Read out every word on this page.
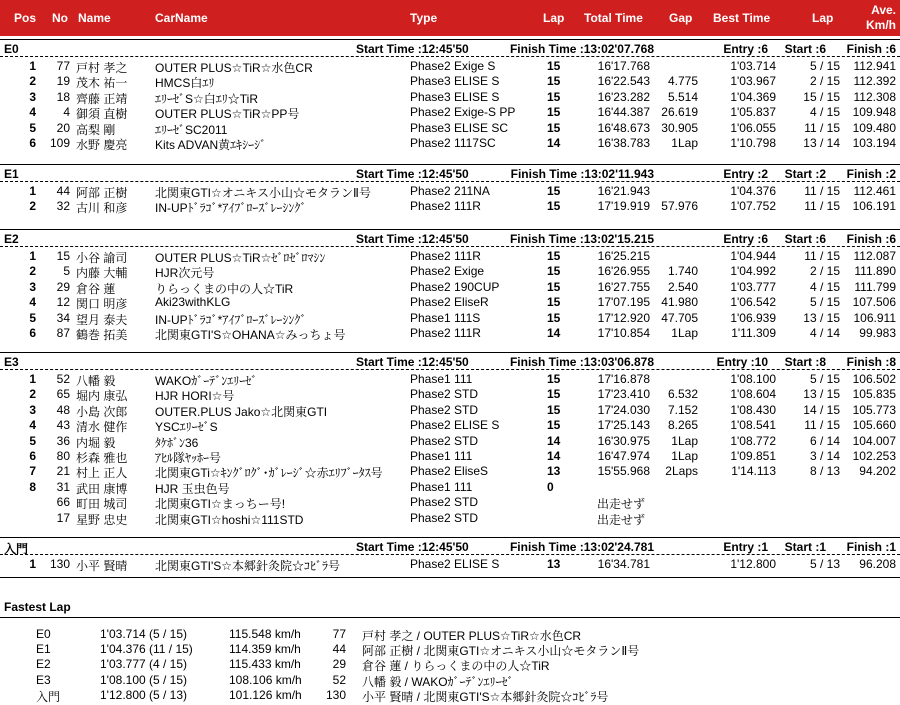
Pos No Name	CarName	Type	Lap Total Time Gap Best Time	Lap
Ave.
Km/h
E0	Start Time :12:45'50	Finish Time :13:02'07.768	Entry :6	Start :6	Finish :6
1	77 戸村 孝之 OUTER PLUS☆TiR☆水色CR	Phase2 Exige S	15	16'17.768	1'03.714	5 / 15	112.941
2	19 茂木 祐一 HMCS白ｴﾘ	Phase3 ELISE S	15	16'22.543	4.775	1'03.967	2 / 15	112.392
3	18 齊藤 正靖 ｴﾘｰｾﾞS☆白ｴﾘ☆TiR	Phase3 ELISE S	15	16'23.282	5.514	1'04.369	15 / 15	112.308
4	4 御須 直樹 OUTER PLUS☆TiR☆PP号	Phase2 Exige-S PP	15	16'44.387 26.619	1'05.837	4 / 15	109.948
5	20 高梨 剛	ｴﾘｰｾﾞSC2011	Phase3 ELISE SC	15	16'48.673 30.905	1'06.055	11 / 15	109.480
6	109 水野 慶亮 Kits ADVAN黄ｴｷｼｰｼﾞ	Phase2 1117SC	14	16'38.783	1Lap	1'10.798	13 / 14	103.194
E1	Start Time :12:45'50	Finish Time :13:02'11.943	Entry :2	Start :2	Finish :2
1	44 阿部 正樹 北関東GTI☆オニキス小山☆モタランⅡ号	Phase2 211NA	15	16'21.943	1'04.376	11 / 15	112.461
2	32 古川 和彦 IN-UPﾄﾞﾗｺﾞ*ｱｲﾌﾞﾛｰｽﾞﾚｰｼﾝｸﾞ	Phase2 111R	15	17'19.919 57.976	1'07.752	11 / 15	106.191
E2	Start Time :12:45'50	Finish Time :13:02'15.215	Entry :6	Start :6	Finish :6
1	15 小谷 諭司 OUTER PLUS☆TiR☆ｾﾞﾛｾﾞﾛﾏｼﾝ	Phase2 111R	15	16'25.215	1'04.944	11 / 15	112.087
2	5 内藤 大輔 HJR次元号	Phase2 Exige	15	16'26.955	1.740	1'04.992	2 / 15	111.890
3	29 倉谷 蓮	りらっくまの中の人☆TiR	Phase2 190CUP	15	16'27.755	2.540	1'03.777	4 / 15	111.799
4	12 関口 明彦 Aki23withKLG	Phase2 EliseR	15	17'07.195 41.980	1'06.542	5 / 15	107.506
5	34 望月 泰夫 IN-UPﾄﾞﾗｺﾞ*ｱｲﾌﾞﾛｰｽﾞﾚｰｼﾝｸﾞ	Phase1 111S	15	17'12.920 47.705	1'06.939	13 / 15	106.911
6	87 鶴巻 拓美 北関東GTI'S☆OHANA☆みっちょ号	Phase2 111R	14	17'10.854	1Lap	1'11.309	4 / 14	99.983
E3	Start Time :12:45'50	Finish Time :13:03'06.878	Entry :10	Start :8	Finish :8
1	52 八幡 毅	WAKOｶﾞｰﾃﾞﾝｴﾘｰｾﾞ	Phase1 111	15	17'16.878	1'08.100	5 / 15	106.502
2	65 堀内 康弘 HJR HORI☆号	Phase2 STD	15	17'23.410	6.532	1'08.604	13 / 15	105.835
3	48 小島 次郎 OUTER.PLUS Jako☆北関東GTI	Phase2 STD	15	17'24.030	7.152	1'08.430	14 / 15	105.773
4	43 清水 健作 YSCｴﾘｰｾﾞS	Phase2 ELISE S	15	17'25.143	8.265	1'08.541	11 / 15	105.660
5	36 内堀 毅	ﾀｹﾎﾞﾝ36	Phase2 STD	14	16'30.975	1Lap	1'08.772	6 / 14	104.007
6	80 杉森 雅也 ｱﾋﾙ隊ﾔｯﾎｰ号	Phase1 111	14	16'47.974	1Lap	1'09.851	3 / 14	102.253
7	21 村上 正人 北関東GTi☆ｷﾝｸﾞﾛｸﾞ･ｶﾞﾚｰｼﾞ☆赤ｴﾘﾌﾞｰﾀｽ号 Phase2 EliseS	13	15'55.968	2Laps	1'14.113	8 / 13	94.202
8	31 武田 康博 HJR 玉虫色号	Phase1 111	0
66 町田 城司 北関東GTI☆まっちー号!	Phase2 STD	出走せず
17 星野 忠史 北関東GTI☆hoshi☆111STD	Phase2 STD	出走せず
入門	Start Time :12:45'50	Finish Time :13:02'24.781	Entry :1	Start :1	Finish :1
1	130 小平 賢晴 北関東GTI'S☆本郷針灸院☆ｺﾋﾞﾗ号	Phase2 ELISE S	13	16'34.781	1'12.800	5 / 13	96.208
Fastest Lap
E0	1'03.714 (5 / 15)	115.548 km/h	77 戸村 孝之 / OUTER PLUS☆TiR☆水色CR
E1	1'04.376 (11 / 15)	114.359 km/h	44 阿部 正樹 / 北関東GTI☆オニキス小山☆モタランⅡ号
E2	1'03.777 (4 / 15)	115.433 km/h	29 倉谷 蓮 / りらっくまの中の人☆TiR
E3	1'08.100 (5 / 15)	108.106 km/h	52 八幡 毅 / WAKOｶﾞｰﾃﾞﾝｴﾘｰｾﾞ
入門	1'12.800 (5 / 13)	101.126 km/h	130 小平 賢晴 / 北関東GTI'S☆本郷針灸院☆ｺﾋﾞﾗ号
